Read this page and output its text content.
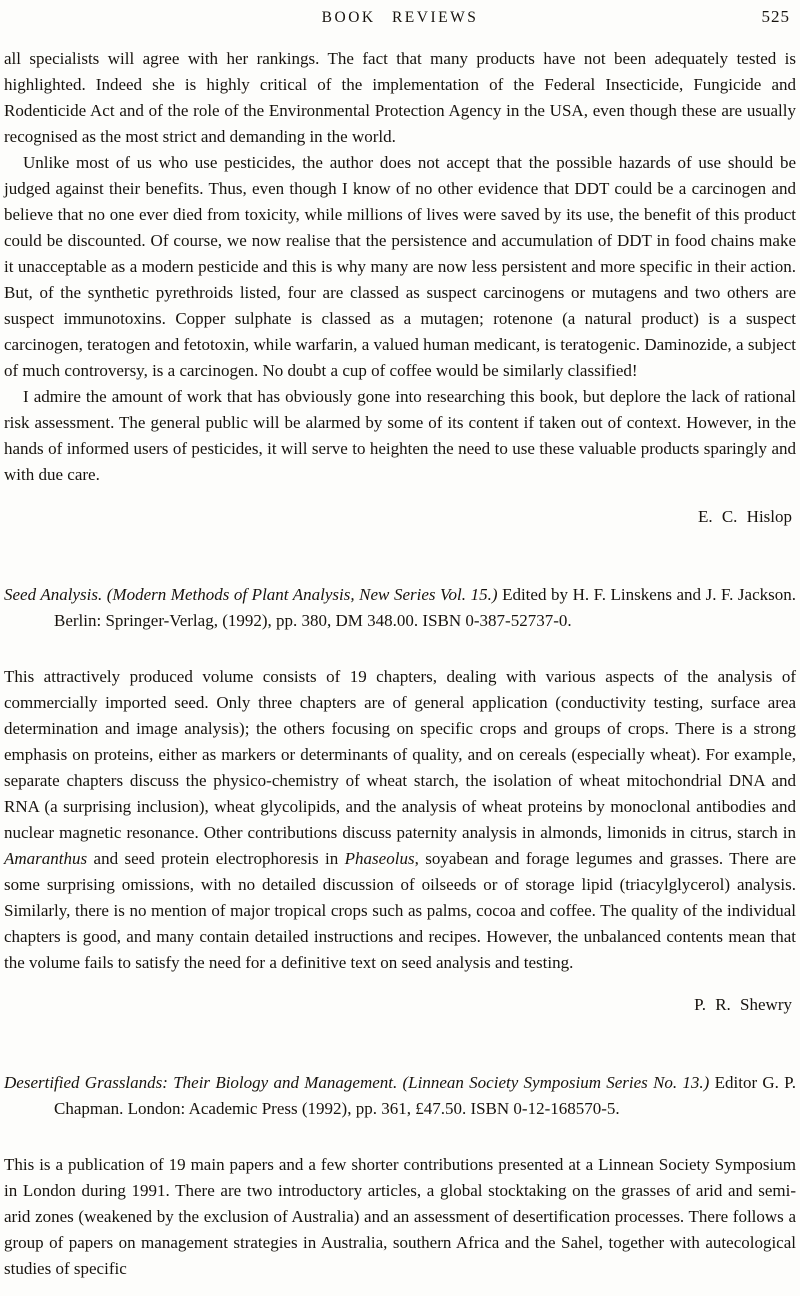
BOOK REVIEWS	525

all specialists will agree with her rankings. The fact that many products have not been adequately tested is highlighted. Indeed she is highly critical of the implementation of the Federal Insecticide, Fungicide and Rodenticide Act and of the role of the Environmental Protection Agency in the USA, even though these are usually recognised as the most strict and demanding in the world.

Unlike most of us who use pesticides, the author does not accept that the possible hazards of use should be judged against their benefits. Thus, even though I know of no other evidence that DDT could be a carcinogen and believe that no one ever died from toxicity, while millions of lives were saved by its use, the benefit of this product could be discounted. Of course, we now realise that the persistence and accumulation of DDT in food chains make it unacceptable as a modern pesticide and this is why many are now less persistent and more specific in their action. But, of the synthetic pyrethroids listed, four are classed as suspect carcinogens or mutagens and two others are suspect immunotoxins. Copper sulphate is classed as a mutagen; rotenone (a natural product) is a suspect carcinogen, teratogen and fetotoxin, while warfarin, a valued human medicant, is teratogenic. Daminozide, a subject of much controversy, is a carcinogen. No doubt a cup of coffee would be similarly classified!

I admire the amount of work that has obviously gone into researching this book, but deplore the lack of rational risk assessment. The general public will be alarmed by some of its content if taken out of context. However, in the hands of informed users of pesticides, it will serve to heighten the need to use these valuable products sparingly and with due care.

E. C. Hislop

Seed Analysis. (Modern Methods of Plant Analysis, New Series Vol. 15.) Edited by H. F. Linskens and J. F. Jackson. Berlin: Springer-Verlag, (1992), pp. 380, DM 348.00. ISBN 0-387-52737-0.

This attractively produced volume consists of 19 chapters, dealing with various aspects of the analysis of commercially imported seed. Only three chapters are of general application (conductivity testing, surface area determination and image analysis); the others focusing on specific crops and groups of crops. There is a strong emphasis on proteins, either as markers or determinants of quality, and on cereals (especially wheat). For example, separate chapters discuss the physico-chemistry of wheat starch, the isolation of wheat mitochondrial DNA and RNA (a surprising inclusion), wheat glycolipids, and the analysis of wheat proteins by monoclonal antibodies and nuclear magnetic resonance. Other contributions discuss paternity analysis in almonds, limonids in citrus, starch in Amaranthus and seed protein electrophoresis in Phaseolus, soyabean and forage legumes and grasses. There are some surprising omissions, with no detailed discussion of oilseeds or of storage lipid (triacylglycerol) analysis. Similarly, there is no mention of major tropical crops such as palms, cocoa and coffee. The quality of the individual chapters is good, and many contain detailed instructions and recipes. However, the unbalanced contents mean that the volume fails to satisfy the need for a definitive text on seed analysis and testing.

P. R. Shewry

Desertified Grasslands: Their Biology and Management. (Linnean Society Symposium Series No. 13.) Editor G. P. Chapman. London: Academic Press (1992), pp. 361, £47.50. ISBN 0-12-168570-5.

This is a publication of 19 main papers and a few shorter contributions presented at a Linnean Society Symposium in London during 1991. There are two introductory articles, a global stocktaking on the grasses of arid and semi-arid zones (weakened by the exclusion of Australia) and an assessment of desertification processes. There follows a group of papers on management strategies in Australia, southern Africa and the Sahel, together with autecological studies of specific
